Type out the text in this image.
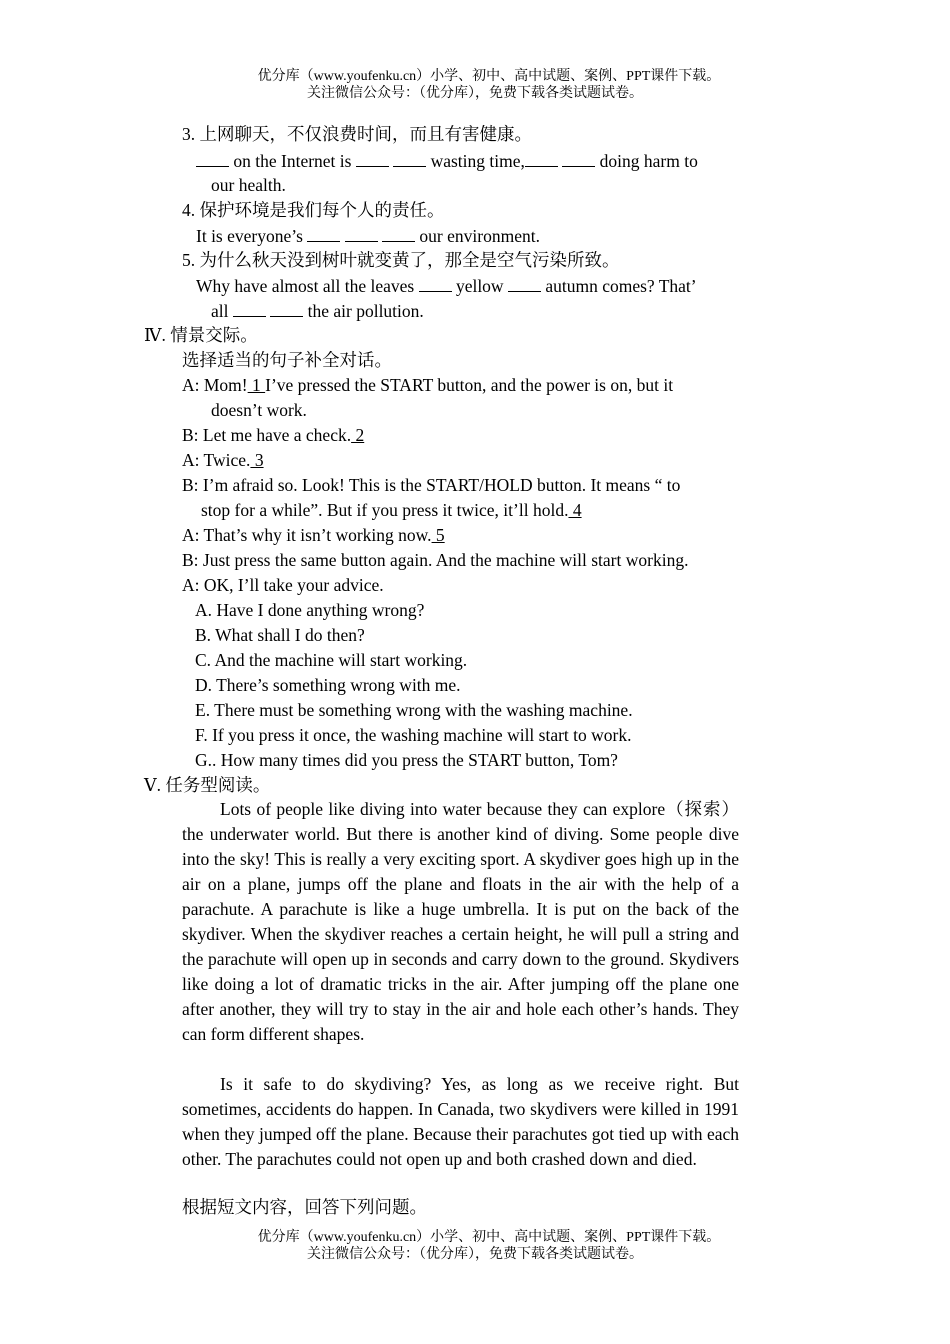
优分库（www.youfenku.cn）小学、初中、高中试题、案例、PPT课件下载。
关注微信公众号：（优分库），免费下载各类试题试卷。
3. 上网聊天，不仅浪费时间，而且有害健康。
on the Internet is	wasting time,	doing harm to
our health.
4. 保护环境是我们每个人的责任。
It is everyone’s	our environment.
5. 为什么秋天没到树叶就变黄了，那全是空气污染所致。
Why have almost all the leaves yellow autumn comes? That’
all	the air pollution.
Ⅳ. 情景交际。
选择适当的句子补全对话。
A: Mom! 1 I’ve pressed the START button, and the power is on, but it
doesn’t work.
B: Let me have a check. 2
A: Twice. 3
B: I’m afraid so. Look! This is the START/HOLD button. It means “ to
stop for a while”. But if you press it twice, it’ll hold. 4
A: That’s why it isn’t working now. 5
B: Just press the same button again. And the machine will start working.
A: OK, I’ll take your advice.
A. Have I done anything wrong?
B. What shall I do then?
C. And the machine will start working.
D. There’s something wrong with me.
E. There must be something wrong with the washing machine.
F. If you press it once, the washing machine will start to work.
G.. How many times did you press the START button, Tom?
Ⅴ. 任务型阅读。
Lots of people like diving into water because they can explore（探索）the underwater world. But there is another kind of diving. Some people dive into the sky! This is really a very exciting sport. A skydiver goes high up in the air on a plane, jumps off the plane and floats in the air with the help of a parachute. A parachute is like a huge umbrella. It is put on the back of the skydiver. When the skydiver reaches a certain height, he will pull a string and the parachute will open up in seconds and carry down to the ground. Skydivers like doing a lot of dramatic tricks in the air. After jumping off the plane one after another, they will try to stay in the air and hole each other’s hands. They can form different shapes.
Is it safe to do skydiving? Yes, as long as we receive right. But sometimes, accidents do happen. In Canada, two skydivers were killed in 1991 when they jumped off the plane. Because their parachutes got tied up with each other. The parachutes could not open up and both crashed down and died.
根据短文内容，回答下列问题。
优分库（www.youfenku.cn）小学、初中、高中试题、案例、PPT课件下载。
关注微信公众号：（优分库），免费下载各类试题试卷。
